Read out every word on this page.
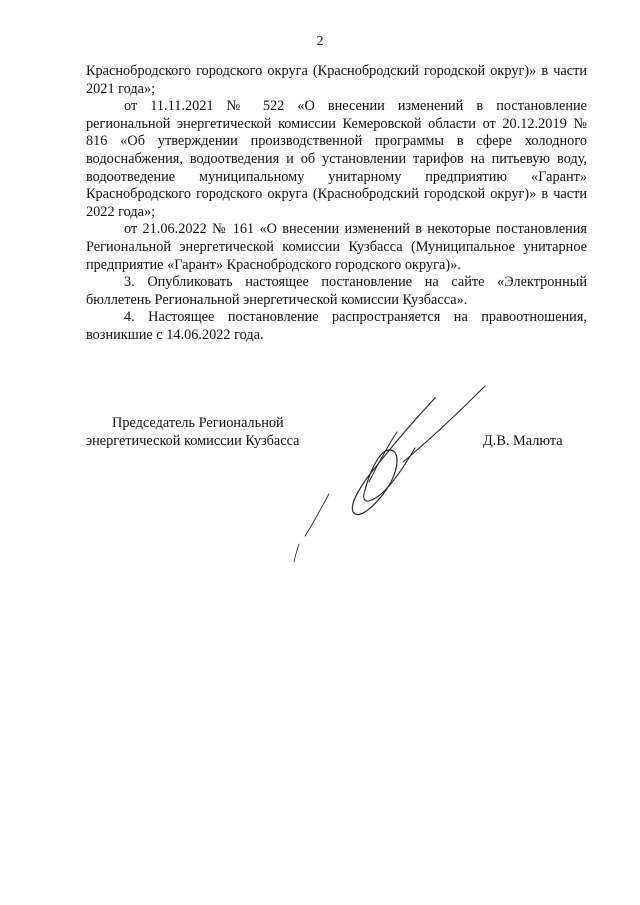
2

Краснобродского городского округа (Краснобродский городской округ)» в части 2021 года»;

от 11.11.2021 № 522 «О внесении изменений в постановление региональной энергетической комиссии Кемеровской области от 20.12.2019 № 816 «Об утверждении производственной программы в сфере холодного водоснабжения, водоотведения и об установлении тарифов на питьевую воду, водоотведение муниципальному унитарному предприятию «Гарант» Краснобродского городского округа (Краснобродский городской округ)» в части 2022 года»;

от 21.06.2022 № 161 «О внесении изменений в некоторые постановления Региональной энергетической комиссии Кузбасса (Муниципальное унитарное предприятие «Гарант» Краснобродского городского округа)».

3. Опубликовать настоящее постановление на сайте «Электронный бюллетень Региональной энергетической комиссии Кузбасса».

4. Настоящее постановление распространяется на правоотношения, возникшие с 14.06.2022 года.

Председатель Региональной
энергетической комиссии Кузбасса	Д.В. Малюта
